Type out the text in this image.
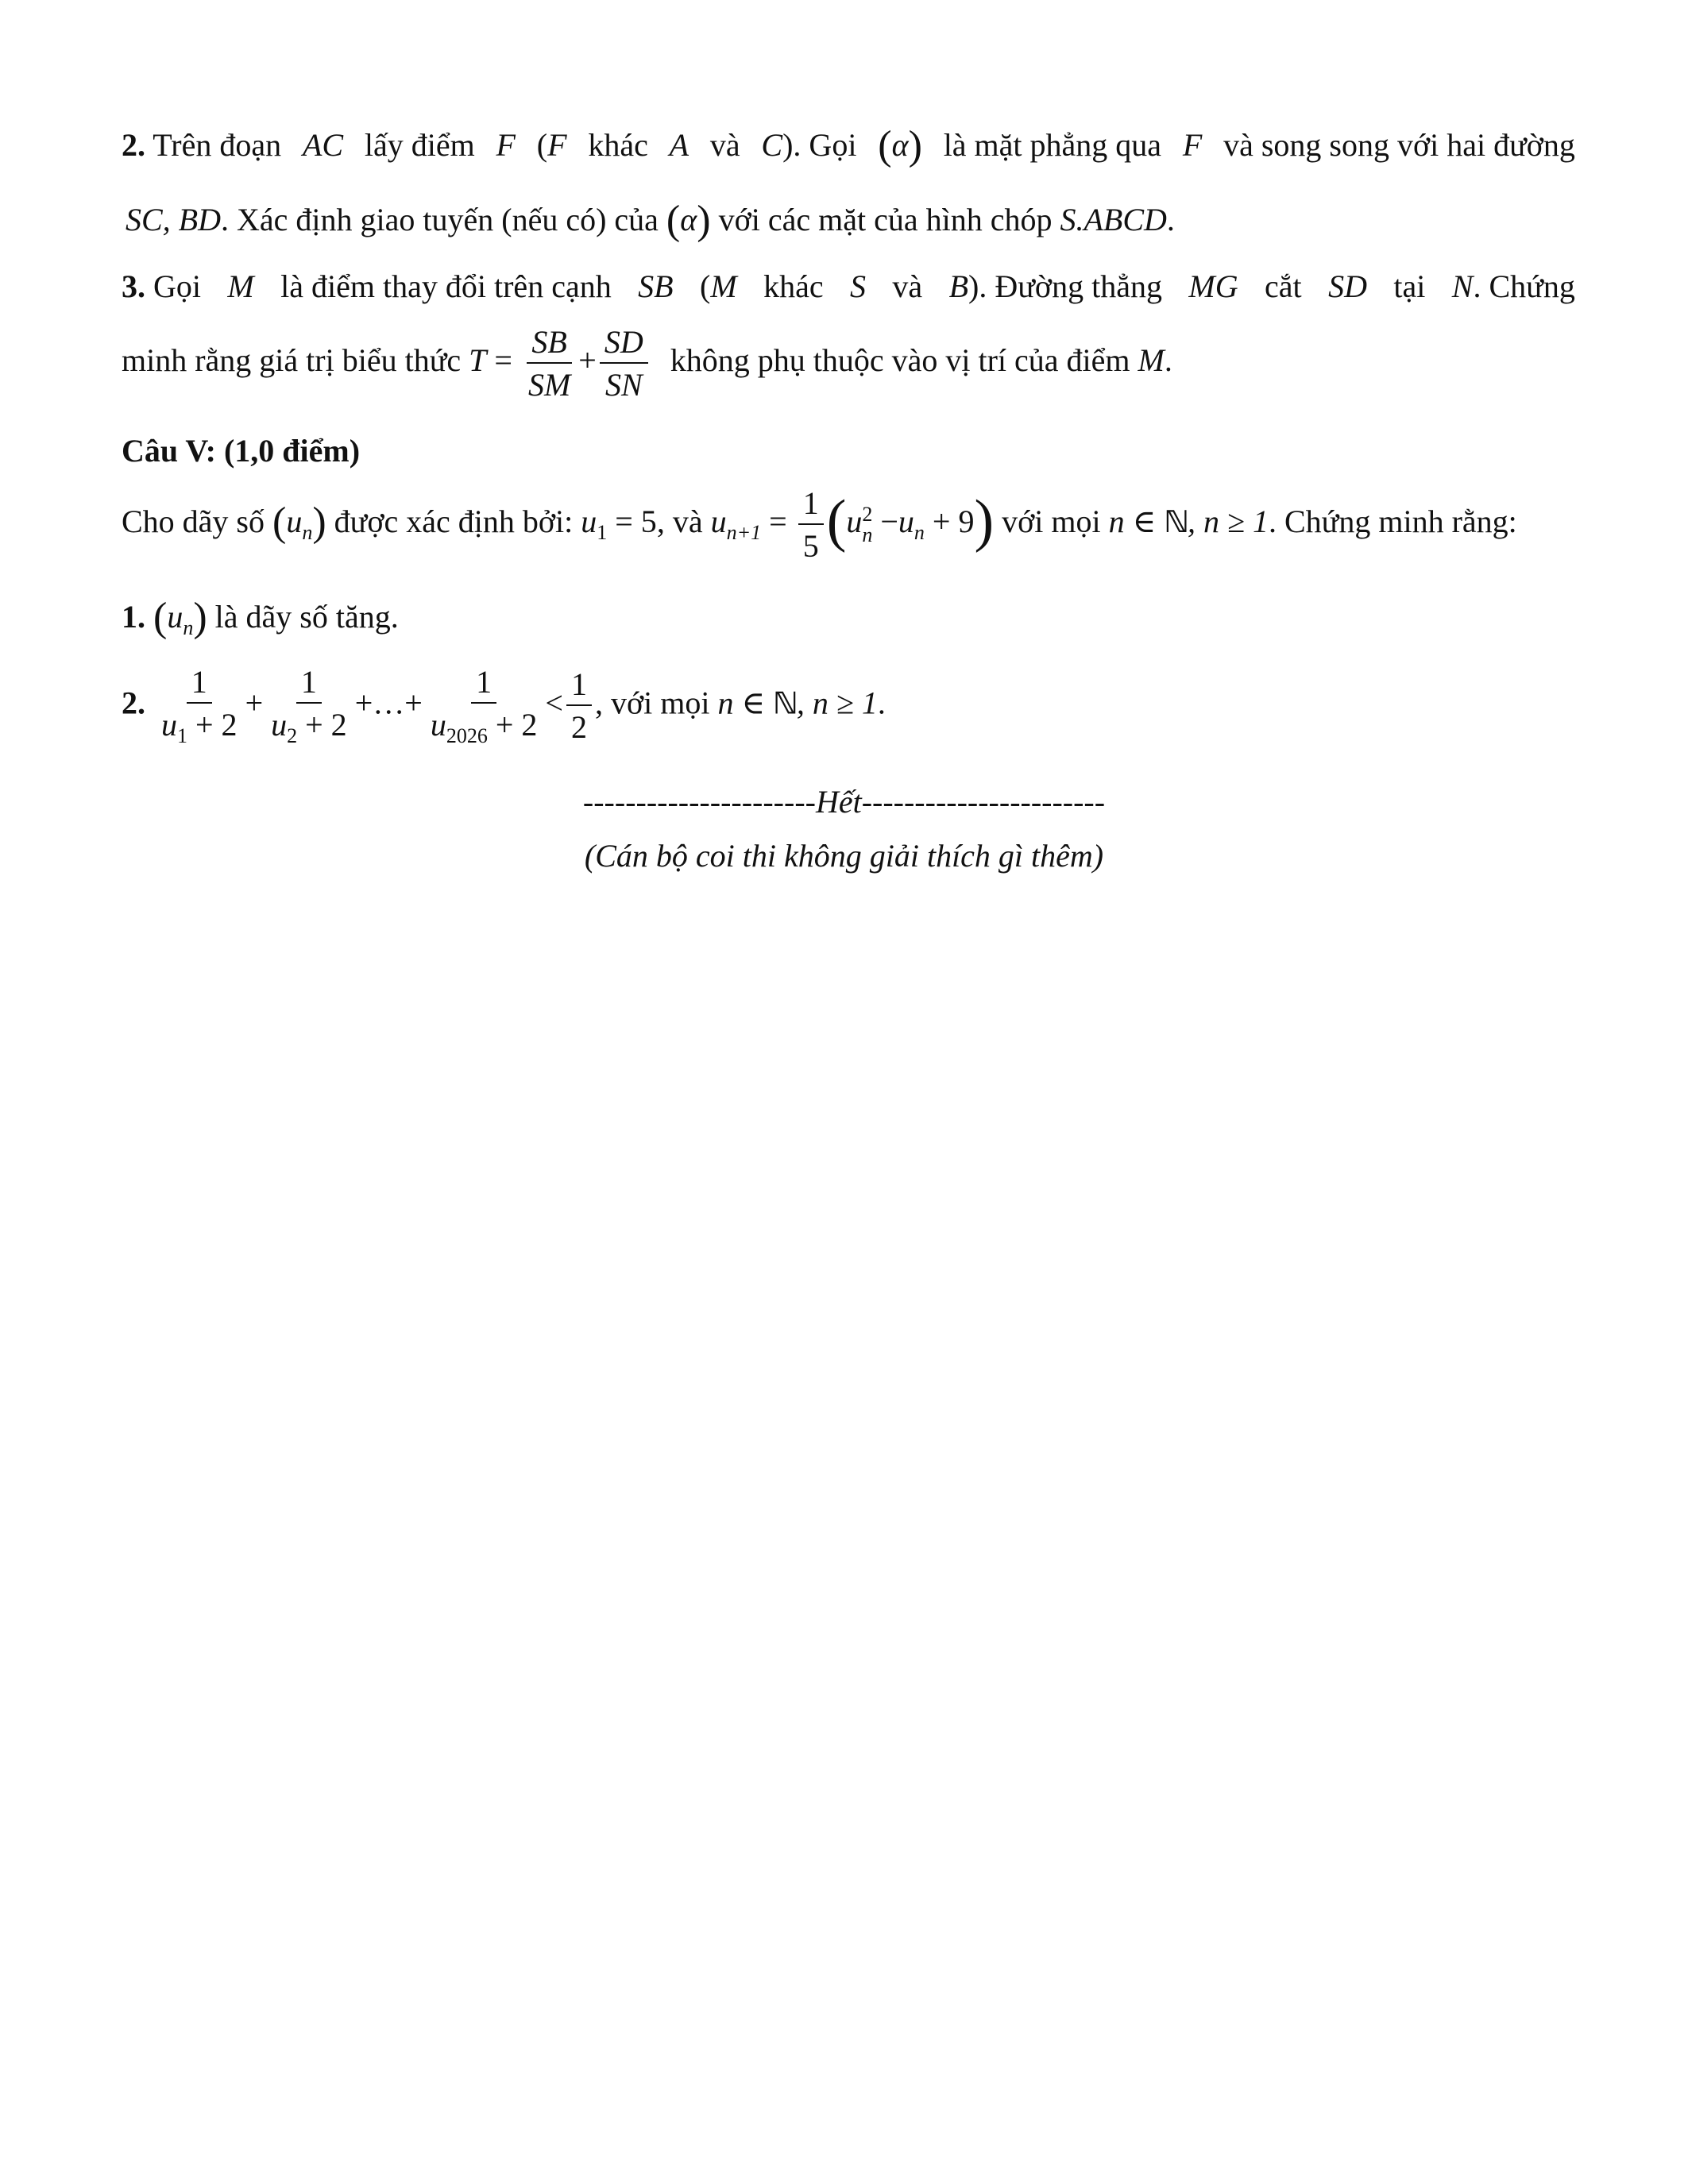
2. Trên đoạn AC lấy điểm F (F khác A và C). Gọi (α) là mặt phẳng qua F và song song với hai đường
SC, BD. Xác định giao tuyến (nếu có) của (α) với các mặt của hình chóp S.ABCD.
3. Gọi M là điểm thay đổi trên cạnh SB (M khác S và B). Đường thẳng MG cắt SD tại N. Chứng
minh rằng giá trị biểu thức $T = \frac{SB}{SM} + \frac{SD}{SN}$ không phụ thuộc vào vị trí của điểm M.
Câu V: (1,0 điểm)
Cho dãy số $(u_n)$ được xác định bởi: $u_1 = 5$, và $u_{n+1} = \frac{1}{5} (u$ 2
$n -u_n + 9$) với mọi n ∈ ℕ, n ≥ 1. Chứng minh rằng:
1. $(u_n)$ là dãy số tăng.
2. $\frac{1}{u_1 + 2} + \frac{1}{u_2 + 2}$ +…+ $\frac{1}{u_{2026} + 2} < \frac{1}{2}$ , với mọi n ∈ ℕ, n ≥ 1.
----------------------Hết-----------------------
(Cán bộ coi thi không giải thích gì thêm)
